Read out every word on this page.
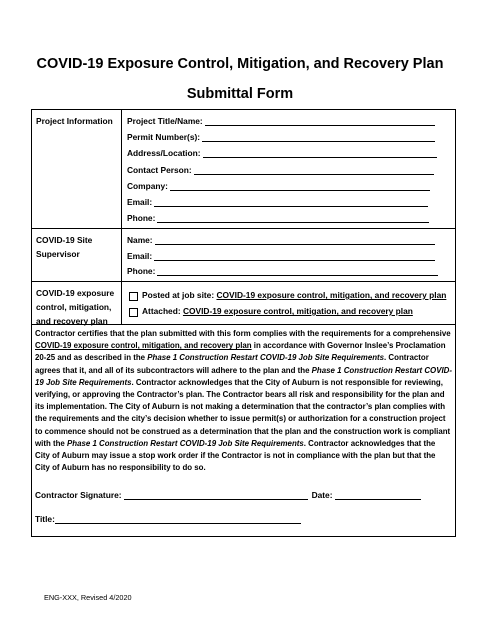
COVID-19 Exposure Control, Mitigation, and Recovery Plan
Submittal Form
Project Information	Project Title/Name:
Permit Number(s):
Address/Location:
Contact Person:
Company:
Email:
Phone:
COVID-19 Site Supervisor
Name:
Email:
Phone:
COVID-19 exposure control, mitigation, and recovery plan
Posted at job site: COVID-19 exposure control, mitigation, and recovery plan
Attached: COVID-19 exposure control, mitigation, and recovery plan
Contractor certifies that the plan submitted with this form complies with the requirements for a comprehensive COVID-19 exposure control, mitigation, and recovery plan in accordance with Governor Inslee’s Proclamation 20-25 and as described in the Phase 1 Construction Restart COVID-19 Job Site Requirements. Contractor agrees that it, and all of its subcontractors will adhere to the plan and the Phase 1 Construction Restart COVID-19 Job Site Requirements. Contractor acknowledges that the City of Auburn is not responsible for reviewing, verifying, or approving the Contractor’s plan. The Contractor bears all risk and responsibility for the plan and its implementation. The City of Auburn is not making a determination that the contractor’s plan complies with the requirements and the city’s decision whether to issue permit(s) or authorization for a construction project to commence should not be construed as a determination that the plan and the construction work is compliant with the Phase 1 Construction Restart COVID-19 Job Site Requirements. Contractor acknowledges that the City of Auburn may issue a stop work order if the Contractor is not in compliance with the plan but that the City of Auburn has no responsibility to do so.
Contractor Signature:	Date:
Title:
ENG-XXX, Revised 4/2020
